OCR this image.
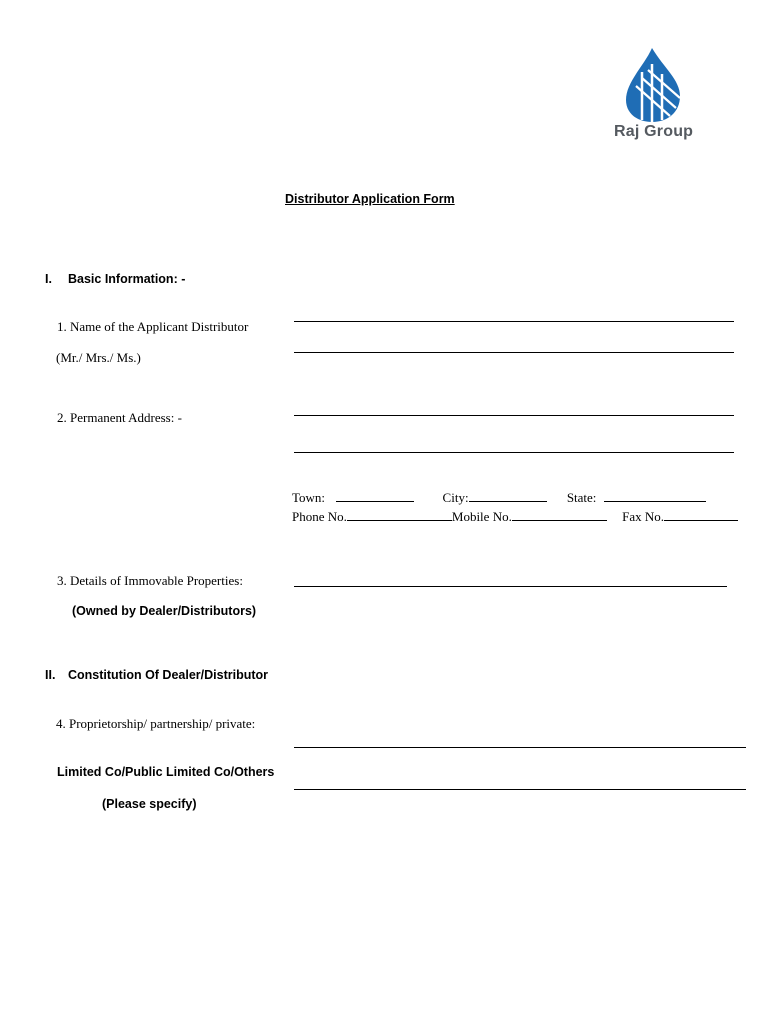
Raj Group
Distributor Application Form
I. Basic Information: -
1. Name of the Applicant Distributor
(Mr./ Mrs./ Ms.)
2. Permanent Address: -
Town:	City:	State:
Phone No.	Mobile No.	Fax No.
3. Details of Immovable Properties:
(Owned by Dealer/Distributors)
II. Constitution Of Dealer/Distributor
4. Proprietorship/ partnership/ private:
Limited Co/Public Limited Co/Others
(Please specify)
